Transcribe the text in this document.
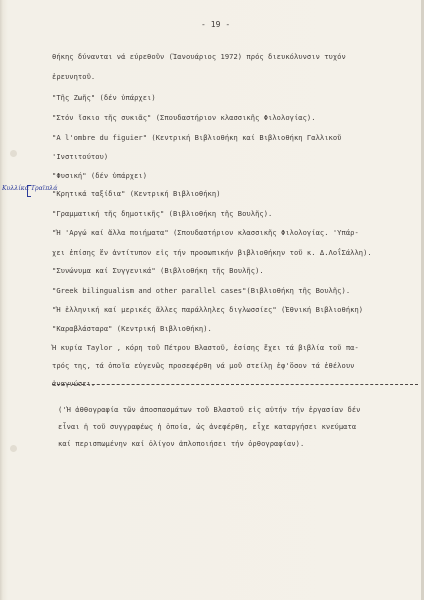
- 19 -
θήκης δύνανται νά εύρεθοῦν (Ἰανουάριος 1972) πρός διευκόλυνσιν τυχόν
ἐρευνητοῦ.
"Τῆς Ζωῆς" (δέν ὑπάρχει)
"Στόν ἴσκιο τῆς συκιᾶς" (Σπουδαστήριον κλασσικῆς Φιλολογίας).
"A l'ombre du figuier" (Κεντρική Βιβλιοθήκη καί Βιβλιοθήκη Γαλλικοῦ
'Ινστιτούτου)
"Φυσική" (δέν ὑπάρχει)
"Κρητικά ταξίδια" (Κεντρική Βιβλιοθήκη)
"Γραμματική τῆς δημοτικῆς" (Βιβλιοθήκη τῆς Βουλῆς).
"Ἡ 'Αργώ καί ἄλλα ποιήματα" (Σπουδαστήριον κλασσικῆς Φιλολογίας. 'Υπάρ-
χει ἐπίσης ἕν ἀντίτυπον εἰς τήν προσωπικήν βιβλιοθήκην τοῦ κ. Δ.ΛοΐΣάλλη).
"Συνώνυμα καί Συγγενικά" (Βιβλιοθήκη τῆς Βουλῆς).
"Greek bilingualism and other parallel cases"(Βιβλιοθήκη τῆς Βουλῆς).
"Ἡ ἑλληνική καί μερικές ἄλλες παράλληλες διγλωσσίες" (Ἐθνική Βιβλιοθήκη)
"Καραβλάσταρα" (Κεντρική Βιβλιοθήκη).
Ἡ κυρία Taylor , κόρη τοῦ Πέτρου Βλαστοῦ, ἐσίσης ἔχει τά βιβλία τοῦ πα-
τρός της, τά ὁποῖα εὐγενῶς προσεφέρθη νά μοῦ στείλῃ ἐφ'ὅσον τά ἐθέλουν
ἀναγνώσει.
('Ἡ ἀθθογραφία τῶν ἀποσπασμάτων τοῦ Βλαστοῦ εἰς αὐτήν τήν ἐργασίαν δέν
εἶναι ἡ τοῦ συγγραφέως ἡ ὁποία, ὡς ἀνεφέρθη, εἶχε καταργήσει κνεύματα
καί περισπωμένην καί ὀλίγον ἀπλοποιήσει τήν ὀρθογραφίαν).
Κυλλίκα Τραϊπλά
